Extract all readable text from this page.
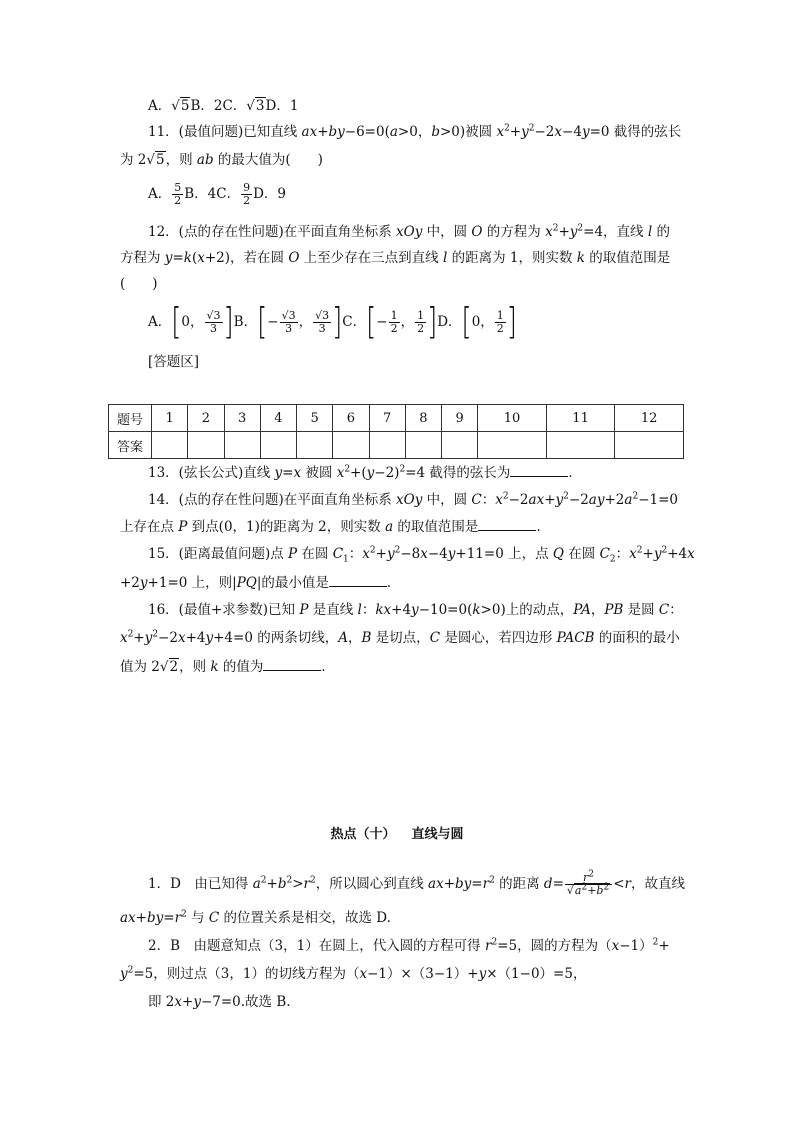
A．√5B．2C．√3D．1
11．(最值问题)已知直线 ax+by−6=0(a>0，b>0)被圆 $x^2+y^2-2x-4y=0$ 截得的弦长
为 2√5，则 ab 的最大值为(　　)
A． $\frac{5}{2}$ B．4C． $\frac{9}{2}$ D．9
12．(点的存在性问题)在平面直角坐标系 xOy 中，圆 O 的方程为 $x^2+y^2=4$，直线 l 的
方程为 y=k(x+2)，若在圆 O 上至少存在三点到直线 l 的距离为 1，则实数 k 的取值范围是
(　　)
A．[0， $\frac{√3}{3} ]B$．[− $\frac{√3}{3}$ ， $\frac{√3}{3} ]C$．[− $\frac{1}{2}$ ， $\frac{1}{2} ]D$．[0， $\frac{1}{2}$ ]
[答题区]
题号	1	2	3	4	5	6	7	8	9	10	11	12
答案												
13．(弦长公式)直线 y=x 被圆 $x^2+(y-2)^2=4$ 截得的弦长为	．
14．(点的存在性问题)在平面直角坐标系 xOy 中，圆 C：$x^2-2ax+y^2-2ay+2a^2-1=0$
上存在点 P 到点(0，1)的距离为 2，则实数 a 的取值范围是	．
15．(距离最值问题)点 P 在圆 $C_1$：$x^2+y^2-8x-4y+11=0$ 上，点 Q 在圆 $C_2$：$x^2+y^2+4x$
+2y+1=0 上，则|PQ|的最小值是	．
16．(最值+求参数)已知 P 是直线 l：kx+4y−10=0(k>0)上的动点，PA，PB 是圆 C：
$x^2+y^2-2x+4y+4=0$ 的两条切线，A，B 是切点，C 是圆心，若四边形 PACB 的面积的最小
值为 2√2，则 k 的值为	．
热点（十） 直线与圆
1．D　由已知得 $a^2+b^2>r^2$，所以圆心到直线 $ax+by=r^2$ 的距离 $d= \frac{r^2}{√a^2+b^2} <r$，故直线
$ax+by=r^2$ 与 C 的位置关系是相交，故选 D.
2．B　由题意知点（3，1）在圆上，代入圆的方程可得 $r^2=5$，圆的方程为$(x-1)^2+$
$y^2=5$，则过点（3，1）的切线方程为（x−1）×（3−1）+y×（1−0）=5，
即 2x+y−7=0.故选 B.
